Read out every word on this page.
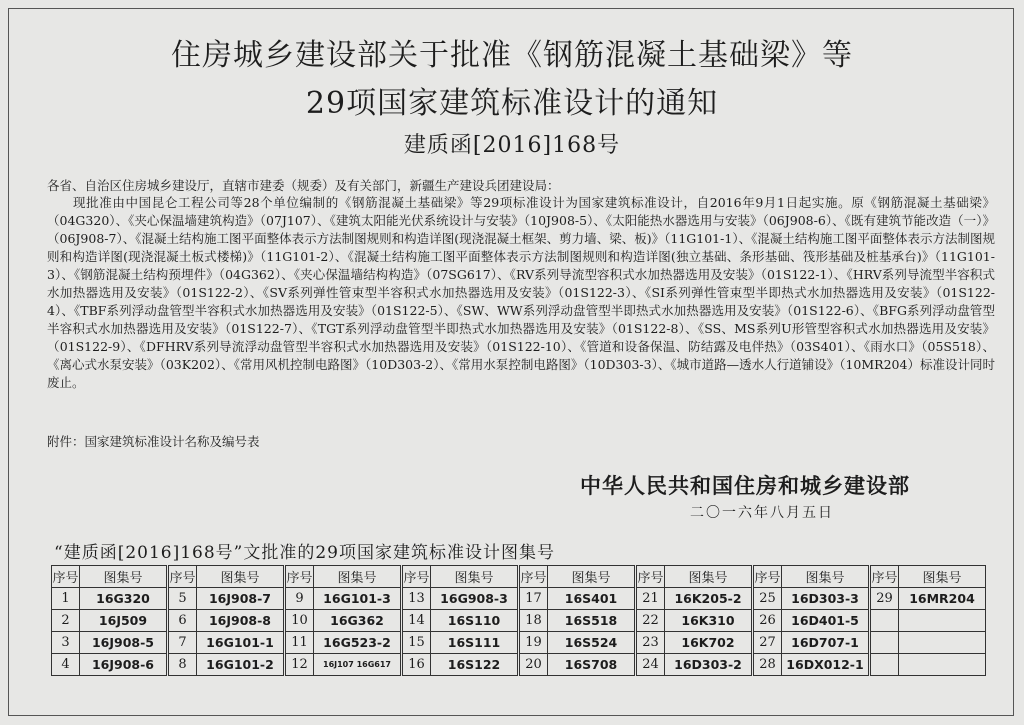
住房城乡建设部关于批准《钢筋混凝土基础梁》等
29项国家建筑标准设计的通知
建质函[2016]168号
各省、自治区住房城乡建设厅，直辖市建委（规委）及有关部门，新疆生产建设兵团建设局：
现批准由中国昆仑工程公司等28个单位编制的《钢筋混凝土基础梁》等29项标准设计为国家建筑标准设计，自2016年9月1日起实施。原《钢筋混凝土基础梁》（04G320）、《夹心保温墙建筑构造》（07J107）、《建筑太阳能光伏系统设计与安装》（10J908-5）、《太阳能热水器选用与安装》（06J908-6）、《既有建筑节能改造（一）》（06J908-7）、《混凝土结构施工图平面整体表示方法制图规则和构造详图(现浇混凝土框架、剪力墙、梁、板)》（11G101-1）、《混凝土结构施工图平面整体表示方法制图规则和构造详图(现浇混凝土板式楼梯)》（11G101-2）、《混凝土结构施工图平面整体表示方法制图规则和构造详图(独立基础、条形基础、筏形基础及桩基承台)》（11G101-3）、《钢筋混凝土结构预埋件》（04G362）、《夹心保温墙结构构造》（07SG617）、《RV系列导流型容积式水加热器选用及安装》（01S122-1）、《HRV系列导流型半容积式水加热器选用及安装》（01S122-2）、《SV系列弹性管束型半容积式水加热器选用及安装》（01S122-3）、《SI系列弹性管束型半即热式水加热器选用及安装》（01S122-4）、《TBF系列浮动盘管型半容积式水加热器选用及安装》（01S122-5）、《SW、WW系列浮动盘管型半即热式水加热器选用及安装》（01S122-6）、《BFG系列浮动盘管型半容积式水加热器选用及安装》（01S122-7）、《TGT系列浮动盘管型半即热式水加热器选用及安装》（01S122-8）、《SS、MS系列U形管型容积式水加热器选用及安装》（01S122-9）、《DFHRV系列导流浮动盘管型半容积式水加热器选用及安装》（01S122-10）、《管道和设备保温、防结露及电伴热》（03S401）、《雨水口》（05S518）、《离心式水泵安装》（03K202）、《常用风机控制电路图》（10D303-2）、《常用水泵控制电路图》（10D303-3）、《城市道路—透水人行道铺设》（10MR204）标准设计同时废止。
附件：国家建筑标准设计名称及编号表
中华人民共和国住房和城乡建设部
二〇一六年八月五日
“建质函[2016]168号”文批准的29项国家建筑标准设计图集号
序号	图集号	序号	图集号	序号	图集号	序号	图集号	序号	图集号	序号	图集号	序号	图集号	序号	图集号
1	16G320	5	16J908-7	9	16G101-3	13	16G908-3	17	16S401	21	16K205-2	25	16D303-3	29	16MR204
2	16J509	6	16J908-8	10	16G362	14	16S110	18	16S518	22	16K310	26	16D401-5		
3	16J908-5	7	16G101-1	11	16G523-2	15	16S111	19	16S524	23	16K702	27	16D707-1		
4	16J908-6	8	16G101-2	12	16J107 16G617	16	16S122	20	16S708	24	16D303-2	28	16DX012-1		
